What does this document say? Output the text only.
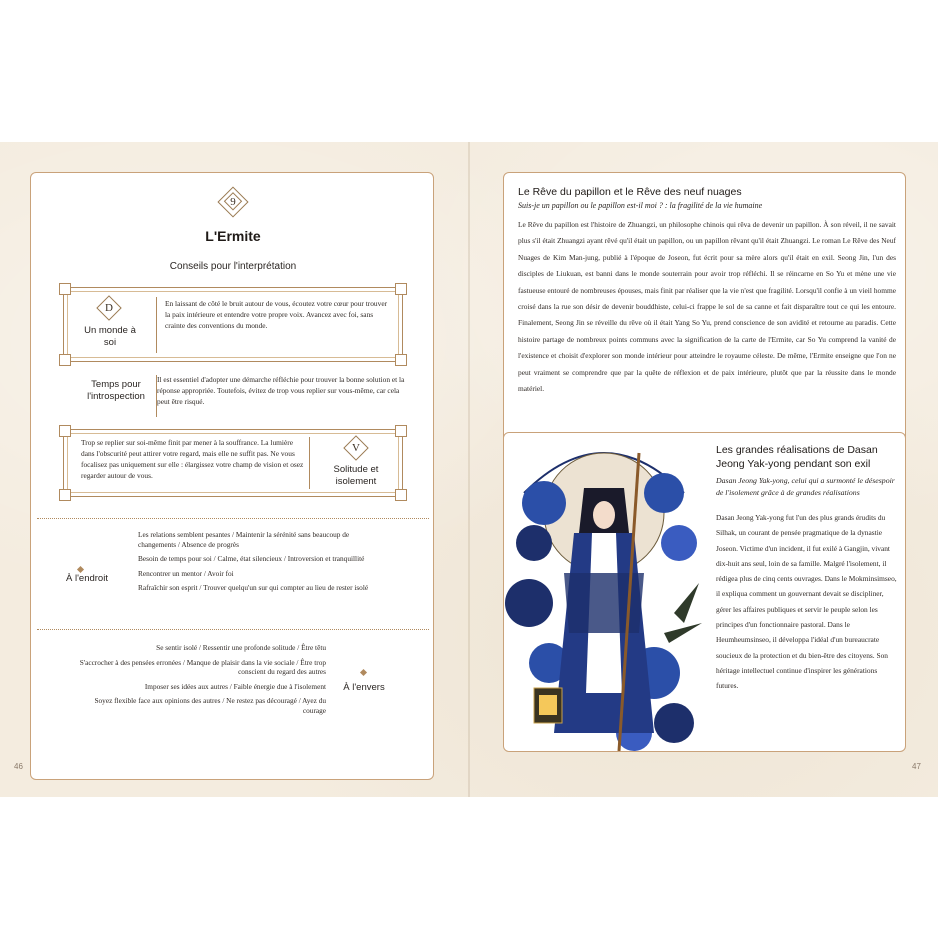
9
L'Ermite
Conseils pour l'interprétation
D
Un monde à soi
En laissant de côté le bruit autour de vous, écoutez votre cœur pour trouver la paix intérieure et entendre votre propre voix. Avancez avec foi, sans crainte des conventions du monde.
Temps pour l'introspection
Il est essentiel d'adopter une démarche réfléchie pour trouver la bonne solution et la réponse appropriée. Toutefois, évitez de trop vous replier sur vous-même, car cela peut être risqué.
Trop se replier sur soi-même finit par mener à la souffrance. La lumière dans l'obscurité peut attirer votre regard, mais elle ne suffit pas. Ne vous focalisez pas uniquement sur elle : élargissez votre champ de vision et osez regarder autour de vous.
V
Solitude et isolement
À l'endroit
Les relations semblent pesantes / Maintenir la sérénité sans beaucoup de changements / Absence de progrès
Besoin de temps pour soi / Calme, état silencieux / Introversion et tranquillité
Rencontrer un mentor / Avoir foi
Rafraîchir son esprit / Trouver quelqu'un sur qui compter au lieu de rester isolé
Se sentir isolé / Ressentir une profonde solitude / Être têtu
S'accrocher à des pensées erronées / Manque de plaisir dans la vie sociale / Être trop conscient du regard des autres
Imposer ses idées aux autres / Faible énergie due à l'isolement
Soyez flexible face aux opinions des autres / Ne restez pas découragé / Ayez du courage
À l'envers
46
Le Rêve du papillon et le Rêve des neuf nuages
Suis-je un papillon ou le papillon est-il moi ? : la fragilité de la vie humaine
Le Rêve du papillon est l'histoire de Zhuangzi, un philosophe chinois qui rêva de devenir un papillon. À son réveil, il ne savait plus s'il était Zhuangzi ayant rêvé qu'il était un papillon, ou un papillon rêvant qu'il était Zhuangzi. Le roman Le Rêve des Neuf Nuages de Kim Man-jung, publié à l'époque de Joseon, fut écrit pour sa mère alors qu'il était en exil. Seong Jin, l'un des disciples de Liukuan, est banni dans le monde souterrain pour avoir trop réfléchi. Il se réincarne en So Yu et mène une vie fastueuse entouré de nombreuses épouses, mais finit par réaliser que la vie n'est que fragilité. Lorsqu'il confie à un vieil homme croisé dans la rue son désir de devenir bouddhiste, celui-ci frappe le sol de sa canne et fait disparaître tout ce qui les entoure. Finalement, Seong Jin se réveille du rêve où il était Yang So Yu, prend conscience de son avidité et retourne au paradis. Cette histoire partage de nombreux points communs avec la signification de la carte de l'Ermite, car So Yu comprend la vanité de l'existence et choisit d'explorer son monde intérieur pour atteindre le royaume céleste. De même, l'Ermite enseigne que l'on ne peut vraiment se comprendre que par la quête de réflexion et de paix intérieure, plutôt que par la réussite dans le monde matériel.
Les grandes réalisations de Dasan Jeong Yak-yong pendant son exil
Dasan Jeong Yak-yong, celui qui a surmonté le désespoir de l'isolement grâce à de grandes réalisations
Dasan Jeong Yak-yong fut l'un des plus grands érudits du Silhak, un courant de pensée pragmatique de la dynastie Joseon. Victime d'un incident, il fut exilé à Gangjin, vivant dix-huit ans seul, loin de sa famille. Malgré l'isolement, il rédigea plus de cinq cents ouvrages. Dans le Mokminsimseo, il expliqua comment un gouvernant devait se discipliner, gérer les affaires publiques et servir le peuple selon les principes d'un fonctionnaire pastoral. Dans le Heumheumsinseo, il développa l'idéal d'un bureaucrate soucieux de la protection et du bien-être des citoyens. Son héritage intellectuel continue d'inspirer les générations futures.
47
